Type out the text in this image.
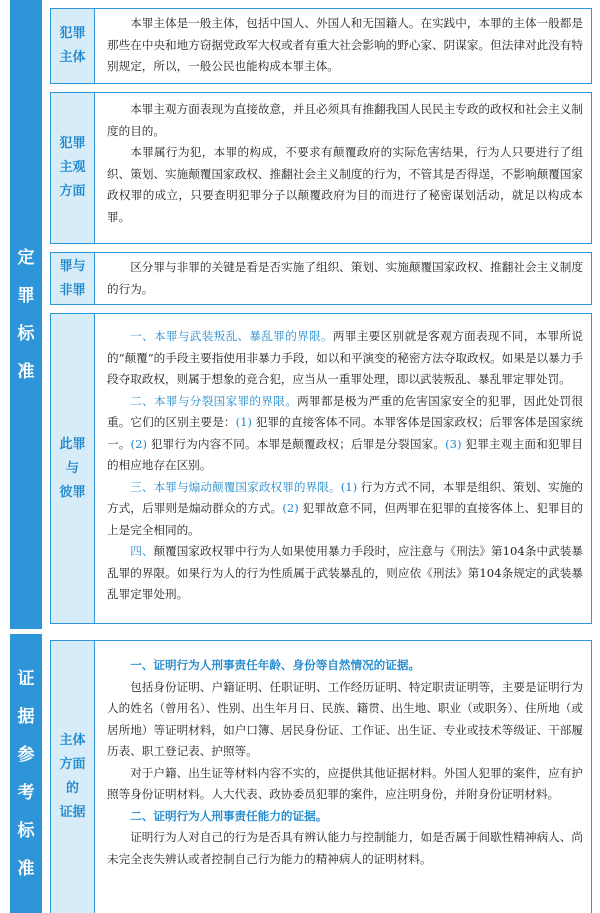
定
罪
标
准
证
据
参
考
标
准
犯罪
主体

本罪主体是一般主体，包括中国人、外国人和无国籍人。在实践中，本罪的主体一般都是那些在中央和地方窃据党政军大权或者有重大社会影响的野心家、阴谋家。但法律对此没有特别规定，所以，一般公民也能构成本罪主体。

犯罪
主观
方面

本罪主观方面表现为直接故意，并且必须具有推翻我国人民民主专政的政权和社会主义制度的目的。

本罪属行为犯，本罪的构成，不要求有颠覆政府的实际危害结果，行为人只要进行了组织、策划、实施颠覆国家政权、推翻社会主义制度的行为，不管其是否得逞，不影响颠覆国家政权罪的成立，只要查明犯罪分子以颠覆政府为目的而进行了秘密谋划活动，就足以构成本罪。

罪与
非罪

区分罪与非罪的关键是看是否实施了组织、策划、实施颠覆国家政权、推翻社会主义制度的行为。

此罪
与
彼罪

一、本罪与武装叛乱、暴乱罪的界限。两罪主要区别就是客观方面表现不同，本罪所说的“颠覆”的手段主要指使用非暴力手段，如以和平演变的秘密方法夺取政权。如果是以暴力手段夺取政权，则属于想象的竞合犯，应当从一重罪处理，即以武装叛乱、暴乱罪定罪处罚。

二、本罪与分裂国家罪的界限。两罪都是极为严重的危害国家安全的犯罪，因此处罚很重。它们的区别主要是：(1) 犯罪的直接客体不同。本罪客体是国家政权；后罪客体是国家统一。(2) 犯罪行为内容不同。本罪是颠覆政权；后罪是分裂国家。(3) 犯罪主观主面和犯罪目的相应地存在区别。

三、本罪与煽动颠覆国家政权罪的界限。(1) 行为方式不同，本罪是组织、策划、实施的方式，后罪则是煽动群众的方式。(2) 犯罪故意不同，但两罪在犯罪的直接客体上、犯罪目的上是完全相同的。

四、颠覆国家政权罪中行为人如果使用暴力手段时，应注意与《刑法》第104条中武装暴乱罪的界限。如果行为人的行为性质属于武装暴乱的，则应依《刑法》第104条规定的武装暴乱罪定罪处刑。

主体
方面
的
证据

一、证明行为人刑事责任年龄、身份等自然情况的证据。

包括身份证明、户籍证明、任职证明、工作经历证明、特定职责证明等，主要是证明行为人的姓名（曾用名）、性别、出生年月日、民族、籍贯、出生地、职业（或职务）、住所地（或居所地）等证明材料，如户口簿、居民身份证、工作证、出生证、专业或技术等级证、干部履历表、职工登记表、护照等。

对于户籍、出生证等材料内容不实的，应提供其他证据材料。外国人犯罪的案件，应有护照等身份证明材料。人大代表、政协委员犯罪的案件，应注明身份，并附身份证明材料。

二、证明行为人刑事责任能力的证据。

证明行为人对自己的行为是否具有辨认能力与控制能力，如是否属于间歇性精神病人、尚未完全丧失辨认或者控制自己行为能力的精神病人的证明材料。
